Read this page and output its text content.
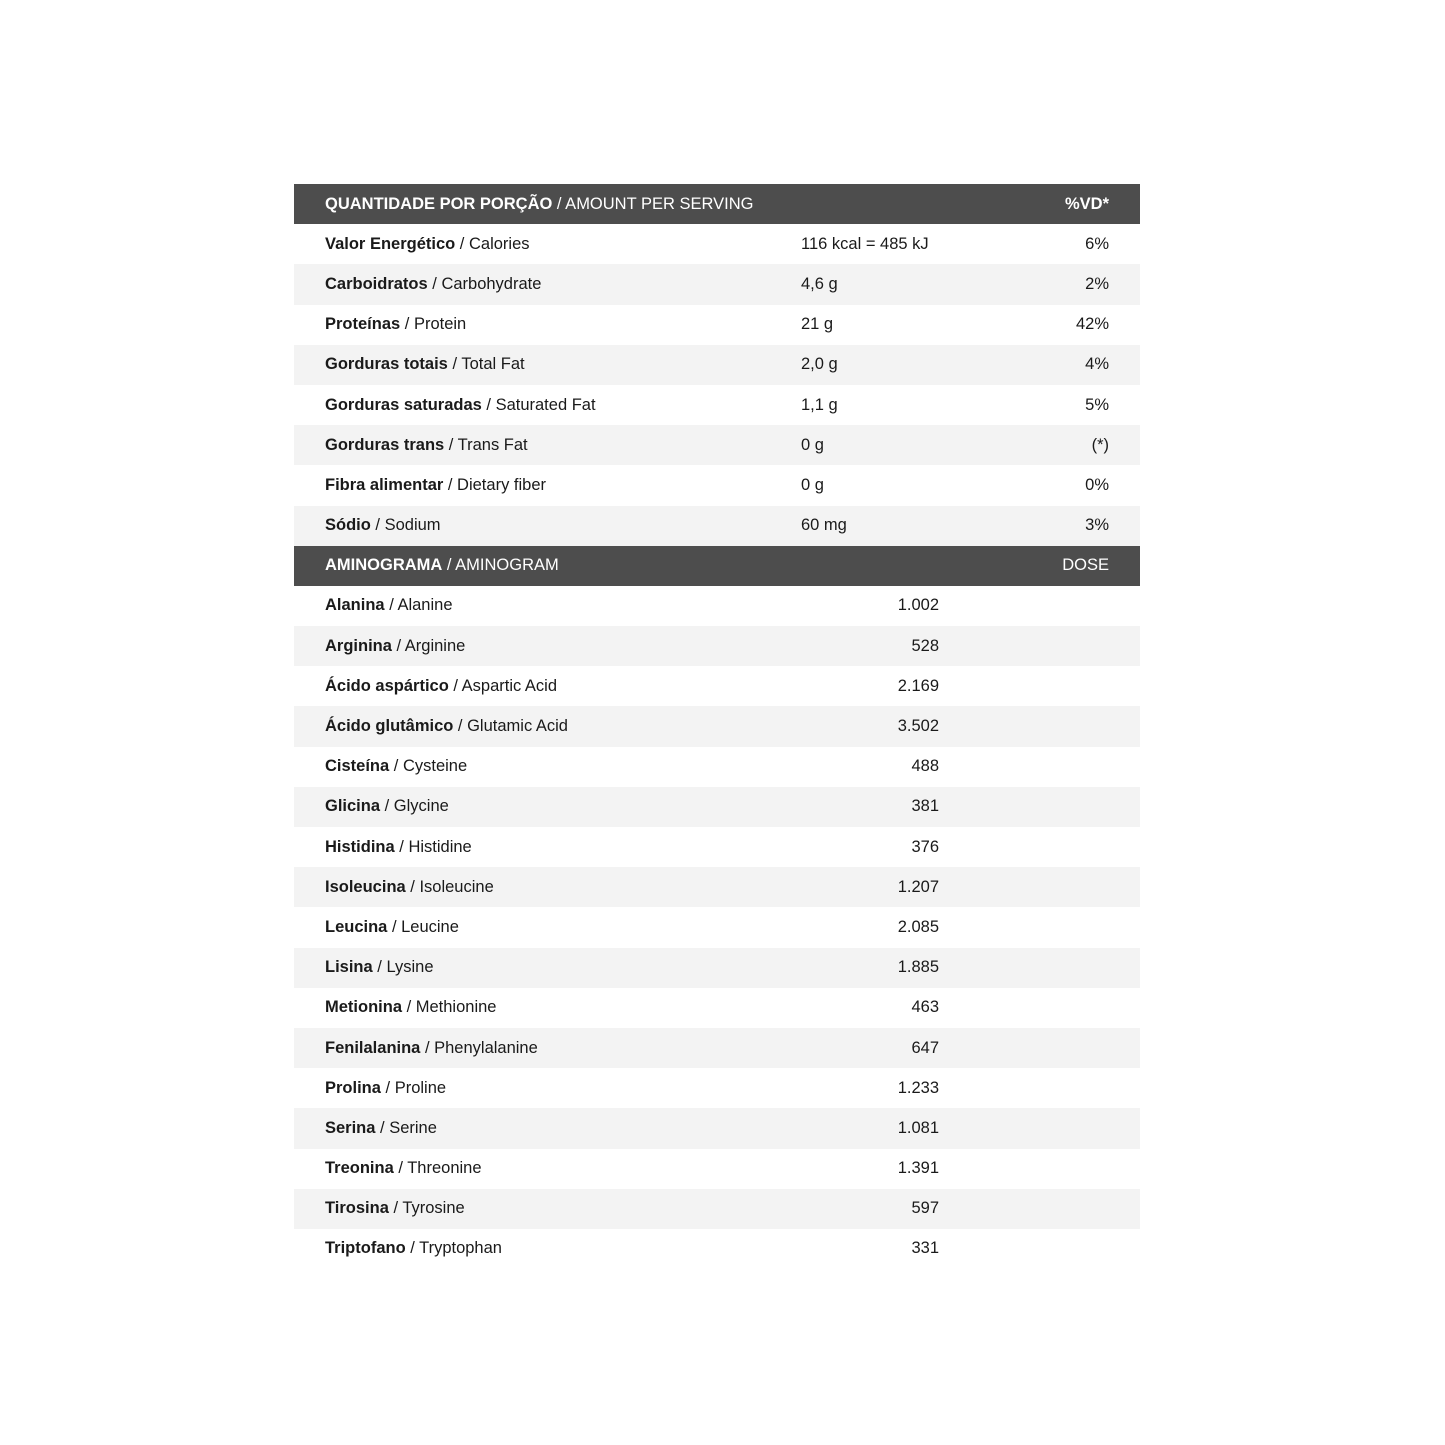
QUANTIDADE POR PORÇÃO / AMOUNT PER SERVING	%VD*
Valor Energético / Calories	116 kcal = 485 kJ	6%
Carboidratos / Carbohydrate	4,6 g	2%
Proteínas / Protein	21 g	42%
Gorduras totais / Total Fat	2,0 g	4%
Gorduras saturadas / Saturated Fat	1,1 g	5%
Gorduras trans / Trans Fat	0 g	(*)
Fibra alimentar / Dietary fiber	0 g	0%
Sódio / Sodium	60 mg	3%
AMINOGRAMA / AMINOGRAM	DOSE
Alanina / Alanine	1.002
Arginina / Arginine	528
Ácido aspártico / Aspartic Acid	2.169
Ácido glutâmico / Glutamic Acid	3.502
Cisteína / Cysteine	488
Glicina / Glycine	381
Histidina / Histidine	376
Isoleucina / Isoleucine	1.207
Leucina / Leucine	2.085
Lisina / Lysine	1.885
Metionina / Methionine	463
Fenilalanina / Phenylalanine	647
Prolina / Proline	1.233
Serina / Serine	1.081
Treonina / Threonine	1.391
Tirosina / Tyrosine	597
Triptofano / Tryptophan	331
